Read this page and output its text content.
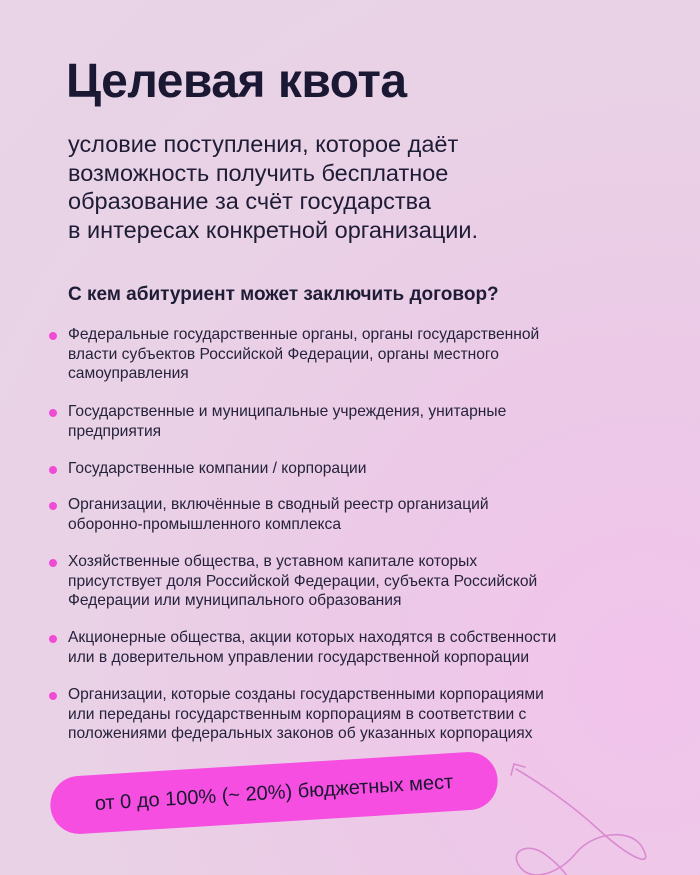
Целевая квота
условие поступления, которое даёт
возможность получить бесплатное
образование за счёт государства
в интересах конкретной организации.
С кем абитуриент может заключить договор?
Федеральные государственные органы, органы государственной
власти субъектов Российской Федерации, органы местного
самоуправления
Государственные и муниципальные учреждения, унитарные
предприятия
Государственные компании / корпорации
Организации, включённые в сводный реестр организаций
оборонно-промышленного комплекса
Хозяйственные общества, в уставном капитале которых
присутствует доля Российской Федерации, субъекта Российской
Федерации или муниципального образования
Акционерные общества, акции которых находятся в собственности
или в доверительном управлении государственной корпорации
Организации, которые созданы государственными корпорациями
или переданы государственным корпорациям в соответствии с
положениями федеральных законов об указанных корпорациях
от 0 до 100% (~ 20%) бюджетных мест
